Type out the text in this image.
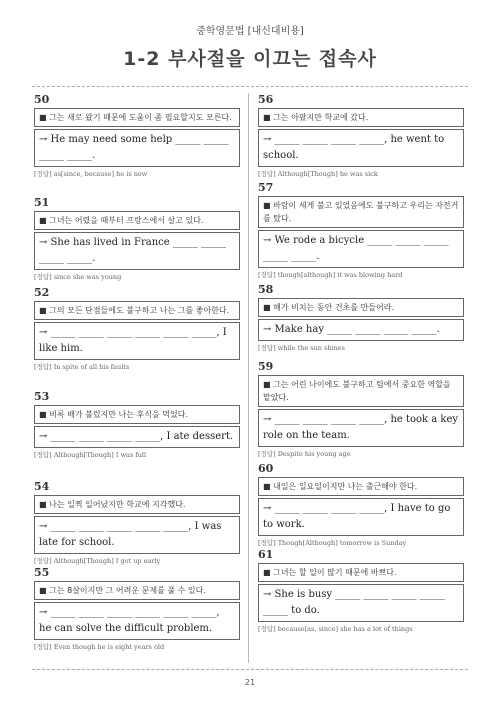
중학영문법 [내신대비용]
1-2 부사절을 이끄는 접속사
50
■ 그는 새로 왔기 때문에 도움이 좀 필요할지도 모른다.
→ He may need some help _____ _____ _____ _____.
[정답] as[since, because] he is new
51
■ 그녀는 어렸을 때부터 프랑스에서 살고 있다.
→ She has lived in France _____ _____ _____ _____.
[정답] since she was young
52
■ 그의 모든 단점들에도 불구하고 나는 그를 좋아한다.
→ _____ _____ _____ _____ _____ _____, I like him.
[정답] In spite of all his faults
53
■ 비록 배가 불렀지만 나는 후식을 먹었다.
→ _____ _____ _____ _____, I ate dessert.
[정답] Although[Though] I was full
54
■ 나는 일찍 일어났지만 학교에 지각했다.
→ _____ _____ _____ _____ _____, I was late for school.
[정답] Although[Though] I got up early
55
■ 그는 8살이지만 그 어려운 문제를 풀 수 있다.
→ _____ _____ _____ _____ _____ _____, he can solve the difficult problem.
[정답] Even though he is eight years old
56
■ 그는 아팠지만 학교에 갔다.
→ _____ _____ _____ _____, he went to school.
[정답] Although[Though] he was sick
57
■ 바람이 세게 불고 있었음에도 불구하고 우리는 자전거를 탔다.
→ We rode a bicycle _____ _____ _____ _____ _____.
[정답] though[although] it was blowing hard
58
■ 해가 비치는 동안 건초를 만들어라.
→ Make hay _____ _____ _____ _____.
[정답] while the sun shines
59
■ 그는 어린 나이에도 불구하고 팀에서 중요한 역할을 맡았다.
→ _____ _____ _____ _____, he took a key role on the team.
[정답] Despite his young age
60
■ 내일은 일요일이지만 나는 출근해야 한다.
→ _____ _____ _____ _____, I have to go to work.
[정답] Though[Although] tomorrow is Sunday
61
■ 그녀는 할 일이 많기 때문에 바쁘다.
→ She is busy _____ _____ _____ _____ _____ to do.
[정답] because[as, since] she has a lot of things
21
